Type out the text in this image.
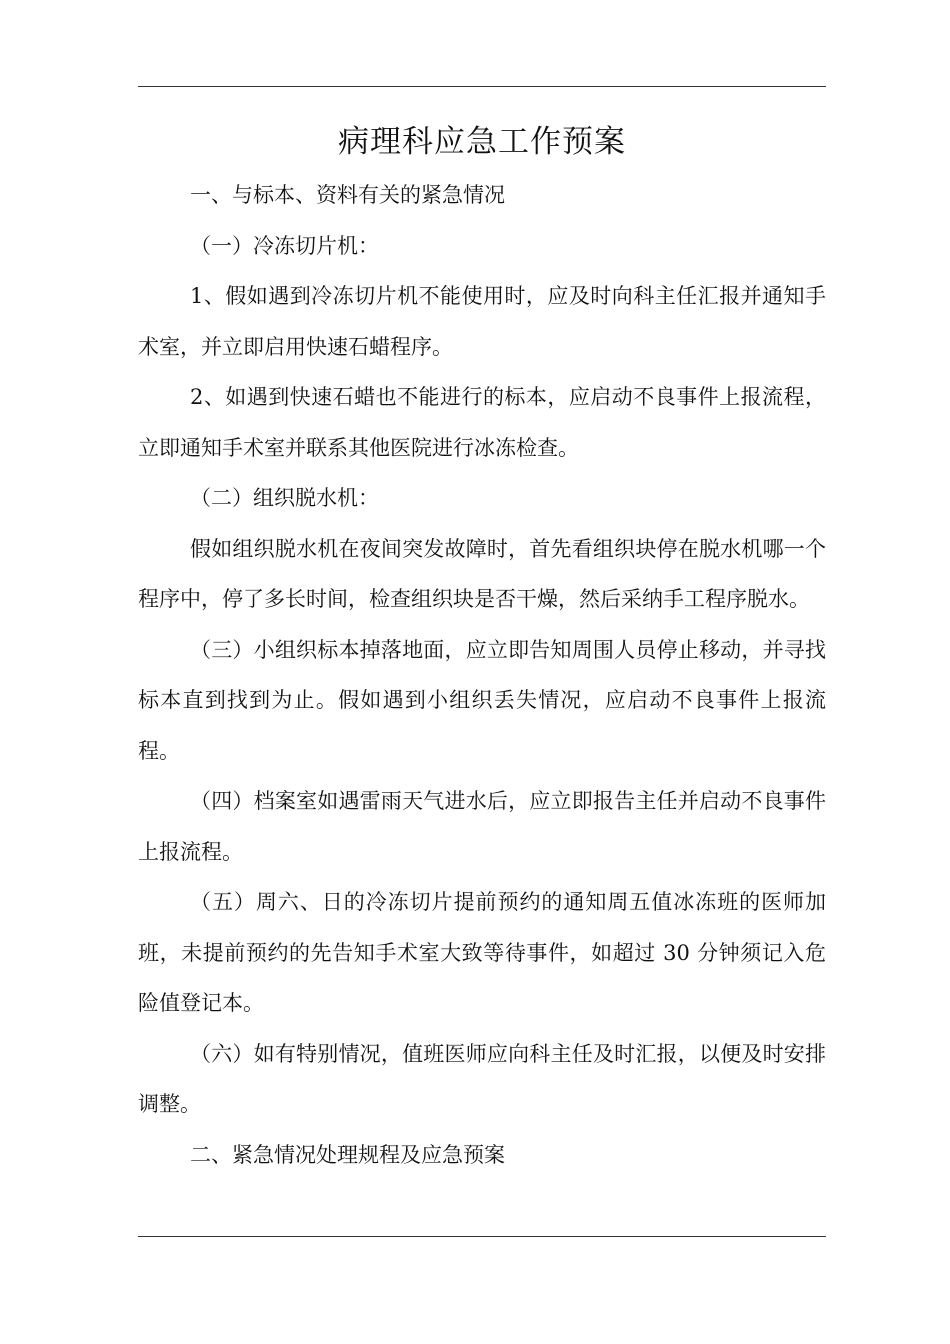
病理科应急工作预案

一、与标本、资料有关的紧急情况

（一）冷冻切片机：

1、假如遇到冷冻切片机不能使用时，应及时向科主任汇报并通知手术室，并立即启用快速石蜡程序。

2、如遇到快速石蜡也不能进行的标本，应启动不良事件上报流程，立即通知手术室并联系其他医院进行冰冻检查。

（二）组织脱水机：

假如组织脱水机在夜间突发故障时，首先看组织块停在脱水机哪一个程序中，停了多长时间，检查组织块是否干燥，然后采纳手工程序脱水。

（三）小组织标本掉落地面，应立即告知周围人员停止移动，并寻找标本直到找到为止。假如遇到小组织丢失情况，应启动不良事件上报流程。

（四）档案室如遇雷雨天气进水后，应立即报告主任并启动不良事件上报流程。

（五）周六、日的冷冻切片提前预约的通知周五值冰冻班的医师加班，未提前预约的先告知手术室大致等待事件，如超过 30 分钟须记入危险值登记本。

（六）如有特别情况，值班医师应向科主任及时汇报，以便及时安排调整。

二、紧急情况处理规程及应急预案
